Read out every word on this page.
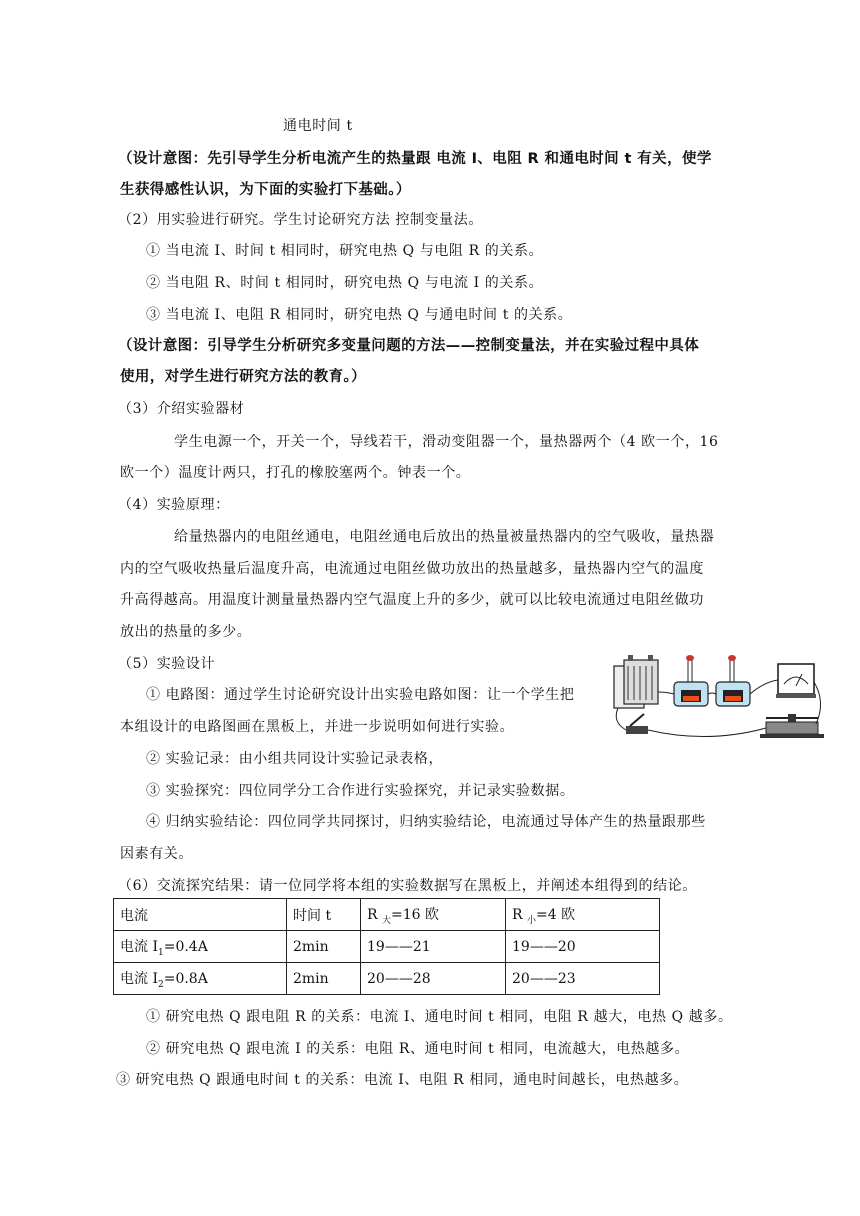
通电时间 t
（设计意图：先引导学生分析电流产生的热量跟 电流 I、电阻 R 和通电时间 t 有关，使学
生获得感性认识，为下面的实验打下基础。）
（2）用实验进行研究。学生讨论研究方法 控制变量法。
① 当电流 I、时间 t 相同时，研究电热 Q 与电阻 R 的关系。
② 当电阻 R、时间 t 相同时，研究电热 Q 与电流 I 的关系。
③ 当电流 I、电阻 R 相同时，研究电热 Q 与通电时间 t 的关系。
（设计意图：引导学生分析研究多变量问题的方法——控制变量法，并在实验过程中具体
使用，对学生进行研究方法的教育。）
（3）介绍实验器材
学生电源一个，开关一个，导线若干，滑动变阻器一个，量热器两个（4 欧一个，16
欧一个）温度计两只，打孔的橡胶塞两个。钟表一个。
（4）实验原理：
给量热器内的电阻丝通电，电阻丝通电后放出的热量被量热器内的空气吸收，量热器
内的空气吸收热量后温度升高，电流通过电阻丝做功放出的热量越多，量热器内空气的温度
升高得越高。用温度计测量量热器内空气温度上升的多少，就可以比较电流通过电阻丝做功
放出的热量的多少。
（5）实验设计
① 电路图：通过学生讨论研究设计出实验电路如图：让一个学生把
本组设计的电路图画在黑板上，并进一步说明如何进行实验。
② 实验记录：由小组共同设计实验记录表格，
③ 实验探究：四位同学分工合作进行实验探究，并记录实验数据。
④ 归纳实验结论：四位同学共同探讨，归纳实验结论，电流通过导体产生的热量跟那些
因素有关。
（6）交流探究结果：请一位同学将本组的实验数据写在黑板上，并阐述本组得到的结论。
电流	时间 t	R $_大$=16 欧	R $_小$=4 欧
电流 $I_1=0.4A$	2min	19——21	19——20
电流 $I_2=0.8A$	2min	20——28	20——23
① 研究电热 Q 跟电阻 R 的关系：电流 I、通电时间 t 相同，电阻 R 越大，电热 Q 越多。
② 研究电热 Q 跟电流 I 的关系：电阻 R、通电时间 t 相同，电流越大，电热越多。
③ 研究电热 Q 跟通电时间 t 的关系：电流 I、电阻 R 相同，通电时间越长，电热越多。
